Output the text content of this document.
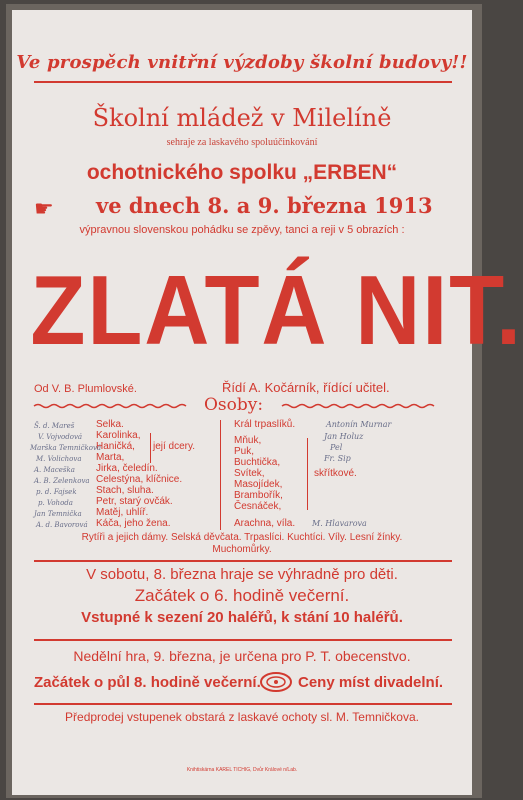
Ve prospěch vnitřní výzdoby školní budovy!!
Školní mládež v Milelíně
sehraje za laskavého spoluúčinkování
ochotnického spolku „ERBEN“
☛ ve dnech 8. a 9. března 1913
výpravnou slovenskou pohádku se zpěvy, tanci a reji v 5 obrazích :
ZLATÁ NIT.
Od V. B. Plumlovské.	Řídí A. Kočárník, řídící učitel.
Osoby:
Selka.
Karolinka,
Haničká,
Marta,
Jirka, čeledín.
Celestýna, klíčnice.
Stach, sluha.
Petr, starý ovčák.
Matěj, uhlíř.
Káča, jeho žena.
Š. d. Mareš
V. Vojvodová
Marška Temničková
M. Volichova
A. Maceška
A. B. Zelenkova
p. d. Fajsek
p. Vohoda
Jan Temnička
A. d. Bavorová
její dcery.
Král trpaslíků.	Antonín Murnar
Mňuk,
Puk,
Buchtička,
Svítek,
Masojídek,
Brambořík,
Česnáček,
Jan Holuz
Pel
Fr. Sip
skřítkové.
Arachna, víla. M. Hlavarova
Rytíři a jejich dámy. Selská děvčata. Trpaslíci. Kuchtíci. Víly. Lesní žínky.
Muchomůrky.
V sobotu, 8. března hraje se výhradně pro děti.
Začátek o 6. hodině večerní.
Vstupné k sezení 20 haléřů, k stání 10 haléřů.
Nedělní hra, 9. března, je určena pro P. T. obecenstvo.
Začátek o půl 8. hodině večerní. Ceny míst divadelní.
Předprodej vstupenek obstará z laskavé ochoty sl. M. Temničkova.
Knihtiskárna KAREL TICHIG, Dvůr Králové n/Lab.
